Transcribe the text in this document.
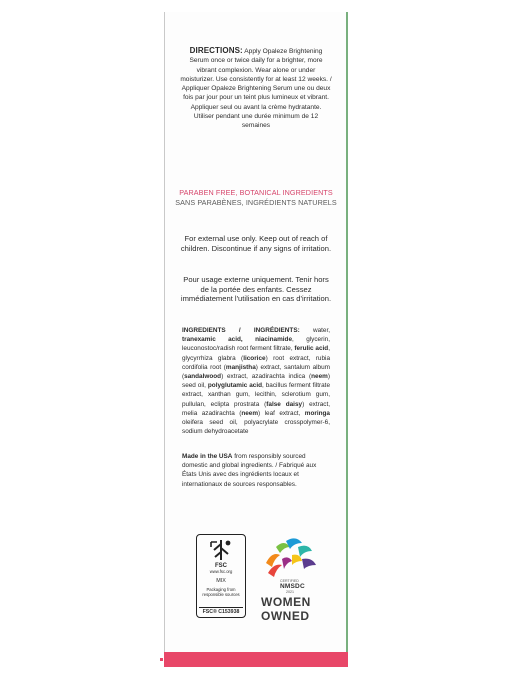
DIRECTIONS: Apply Opaleze Brightening Serum once or twice daily for a brighter, more vibrant complexion. Wear alone or under moisturizer. Use consistently for at least 12 weeks. / Appliquer Opaleze Brightening Serum une ou deux fois par jour pour un teint plus lumineux et vibrant. Appliquer seul ou avant la crème hydratante. Utiliser pendant une durée minimum de 12 semaines
PARABEN FREE, BOTANICAL INGREDIENTS
SANS PARABÈNES, INGRÉDIENTS NATURELS
For external use only. Keep out of reach of children. Discontinue if any signs of irritation.
Pour usage externe uniquement. Tenir hors de la portée des enfants. Cessez immédiatement l'utilisation en cas d'irritation.
INGREDIENTS / INGRÉDIENTS: water, tranexamic acid, niacinamide, glycerin, leuconostoc/radish root ferment filtrate, ferulic acid, glycyrrhiza glabra (licorice) root extract, rubia cordifolia root (manjistha) extract, santalum album (sandalwood) extract, azadirachta indica (neem) seed oil, polyglutamic acid, bacillus ferment filtrate extract, xanthan gum, lecithin, sclerotium gum, pullulan, eclipta prostrata (false daisy) extract, melia azadirachta (neem) leaf extract, moringa oleifera seed oil, polyacrylate crosspolymer-6, sodium dehydroacetate
Made in the USA from responsibly sourced domestic and global ingredients. / Fabriqué aux États Unis avec des ingrédients locaux et internationaux de sources responsables.
FSC
www.fsc.org
MIX
Packaging from responsible sources
FSC® C153938
CERTIFIED
NMSDC
2021
WOMEN
OWNED
